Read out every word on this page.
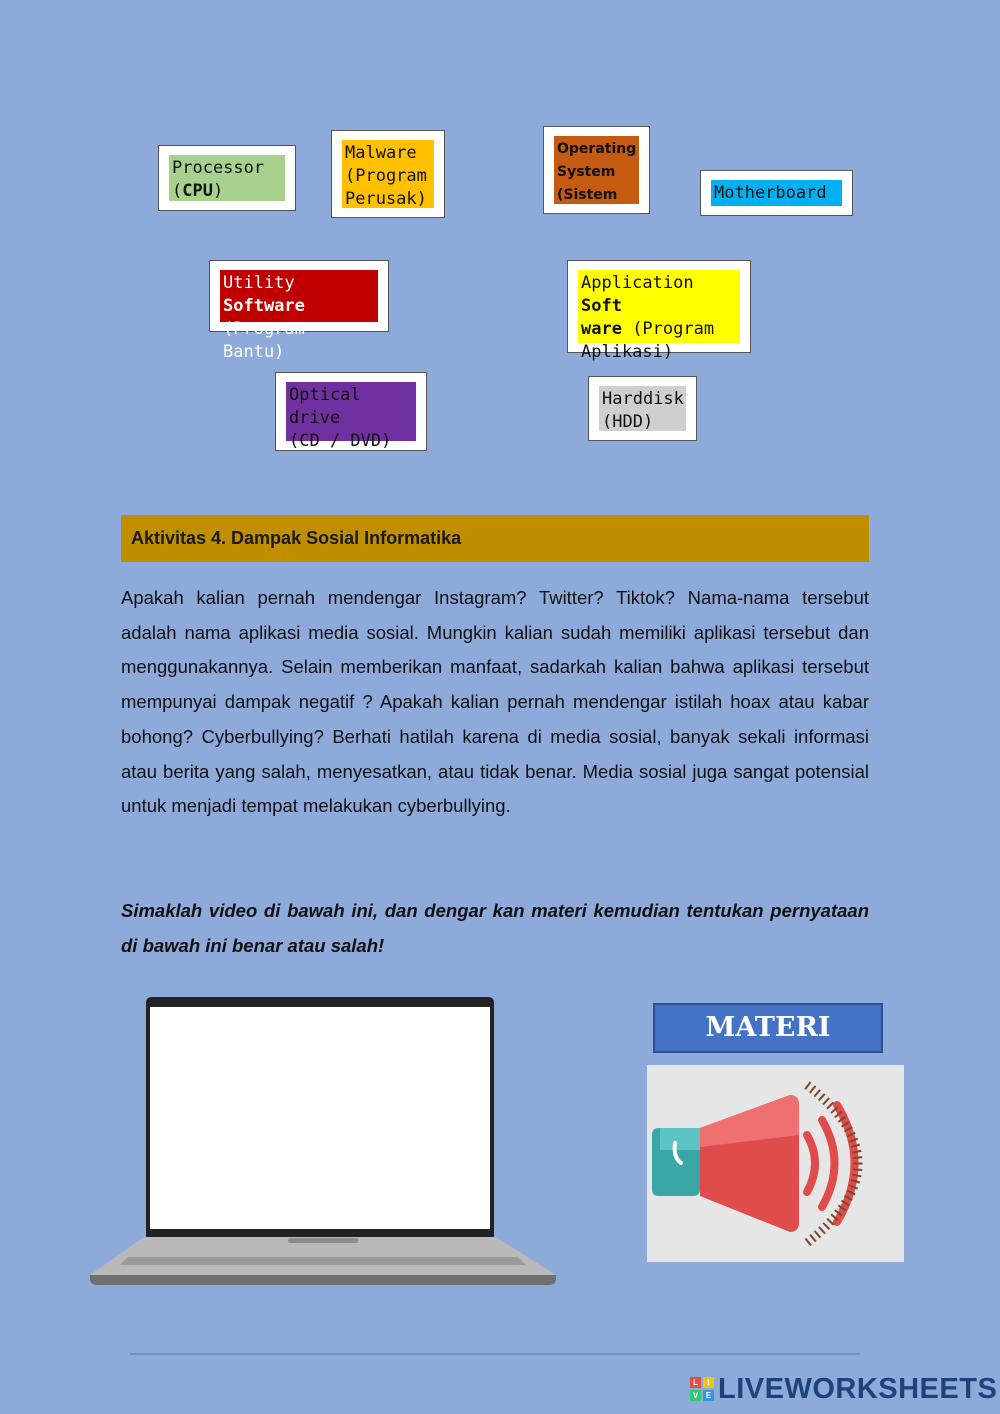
Processor
(CPU)
Malware
(Program
Perusak)
Operating
System
(Sistem	Motherboard
Utility Software
(Program Bantu)
Application Soft
ware (Program
Aplikasi)
Optical drive
(CD / DVD)
Harddisk
(HDD)
Aktivitas 4. Dampak Sosial Informatika

Apakah kalian pernah mendengar Instagram? Twitter? Tiktok? Nama-nama tersebut adalah nama aplikasi media sosial. Mungkin kalian sudah memiliki aplikasi tersebut dan menggunakannya. Selain memberikan manfaat, sadarkah kalian bahwa aplikasi tersebut mempunyai dampak negatif ? Apakah kalian pernah mendengar istilah hoax atau kabar bohong? Cyberbullying? Berhati hatilah karena di media sosial, banyak sekali informasi atau berita yang salah, menyesatkan, atau tidak benar. Media sosial juga sangat potensial untuk menjadi tempat melakukan cyberbullying.

Simaklah video di bawah ini, dan dengar kan materi kemudian tentukan pernyataan di bawah ini benar atau salah!

MATERI
L	I
V E LIVEWORKSHEETS
